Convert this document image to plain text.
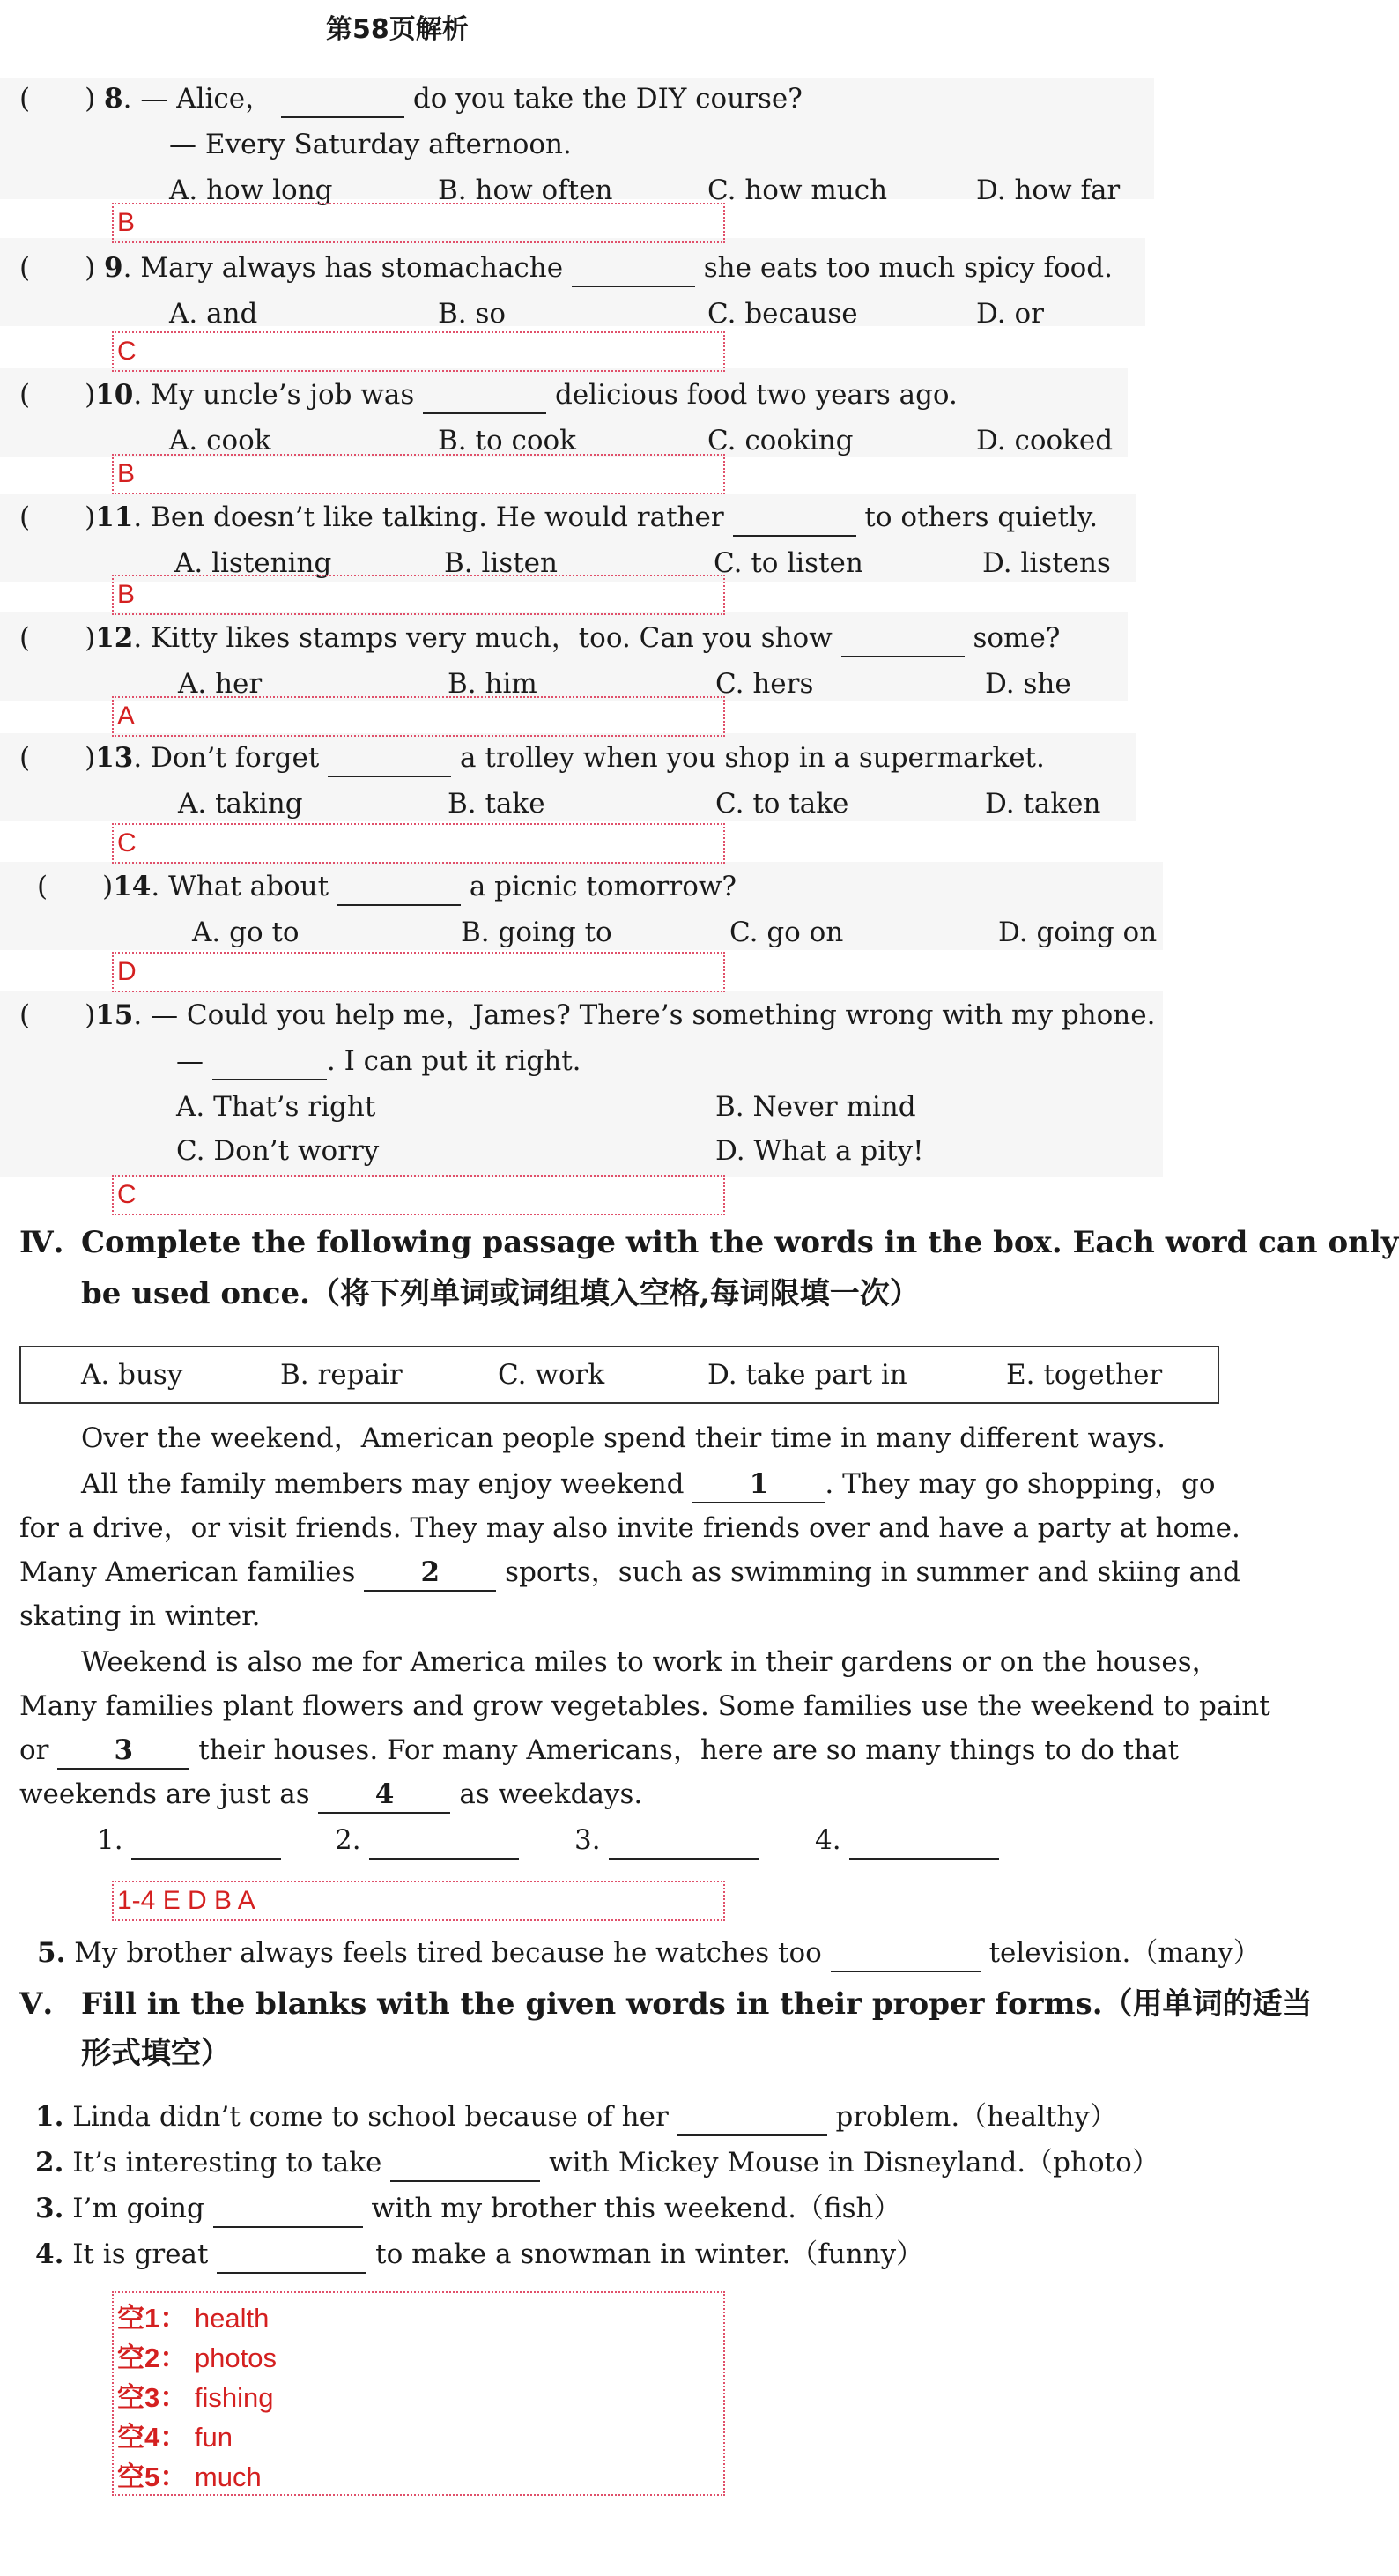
第58页解析
(　　) 8. — Alice，	do you take the DIY course?
— Every Saturday afternoon.
A. how long	B. how often	C. how much	D. how far
B
(　　) 9. Mary always has stomachache	she eats too much spicy food.
A. and	B. so	C. because	D. or
C
(　　)10. My uncle’s job was	delicious food two years ago.
A. cook	B. to cook	C. cooking	D. cooked
B
(　　)11. Ben doesn’t like talking. He would rather	to others quietly.
A. listening	B. listen	C. to listen	D. listens
B
(　　)12. Kitty likes stamps very much，too. Can you show	some?
A. her	B. him	C. hers	D. she
A
(　　)13. Don’t forget	a trolley when you shop in a supermarket.
A. taking	B. take	C. to take	D. taken
C
(　　)14. What about	a picnic tomorrow?
A. go to	B. going to	C. go on	D. going on
D
(　　)15. — Could you help me，James? There’s something wrong with my phone.
—	. I can put it right.
A. That’s right	B. Never mind
C. Don’t worry	D. What a pity!
C
Ⅳ. Complete the following passage with the words in the box. Each word can only
be used once.（将下列单词或词组填入空格,每词限填一次）
A. busy	B. repair	C. work	D. take part in	E. together
Over the weekend，American people spend their time in many different ways.
All the family members may enjoy weekend 1 . They may go shopping，go
for a drive，or visit friends. They may also invite friends over and have a party at home.
Many American families 2 sports，such as swimming in summer and skiing and
skating in winter.
Weekend is also me for America miles to work in their gardens or on the houses，
Many families plant flowers and grow vegetables. Some families use the weekend to paint
or 3 their houses. For many Americans，here are so many things to do that
weekends are just as 4 as weekdays.
1.	2.	3.	4.
1-4 E D B A
5. My brother always feels tired because he watches too	television.（many）
Ⅴ. Fill in the blanks with the given words in their proper forms.（用单词的适当
形式填空）
1. Linda didn’t come to school because of her	problem.（healthy）
2. It’s interesting to take	with Mickey Mouse in Disneyland.（photo）
3. I’m going	with my brother this weekend.（fish）
4. It is great	to make a snowman in winter.（funny）
空1： health
空2： photos
空3： fishing
空4： fun
空5： much
